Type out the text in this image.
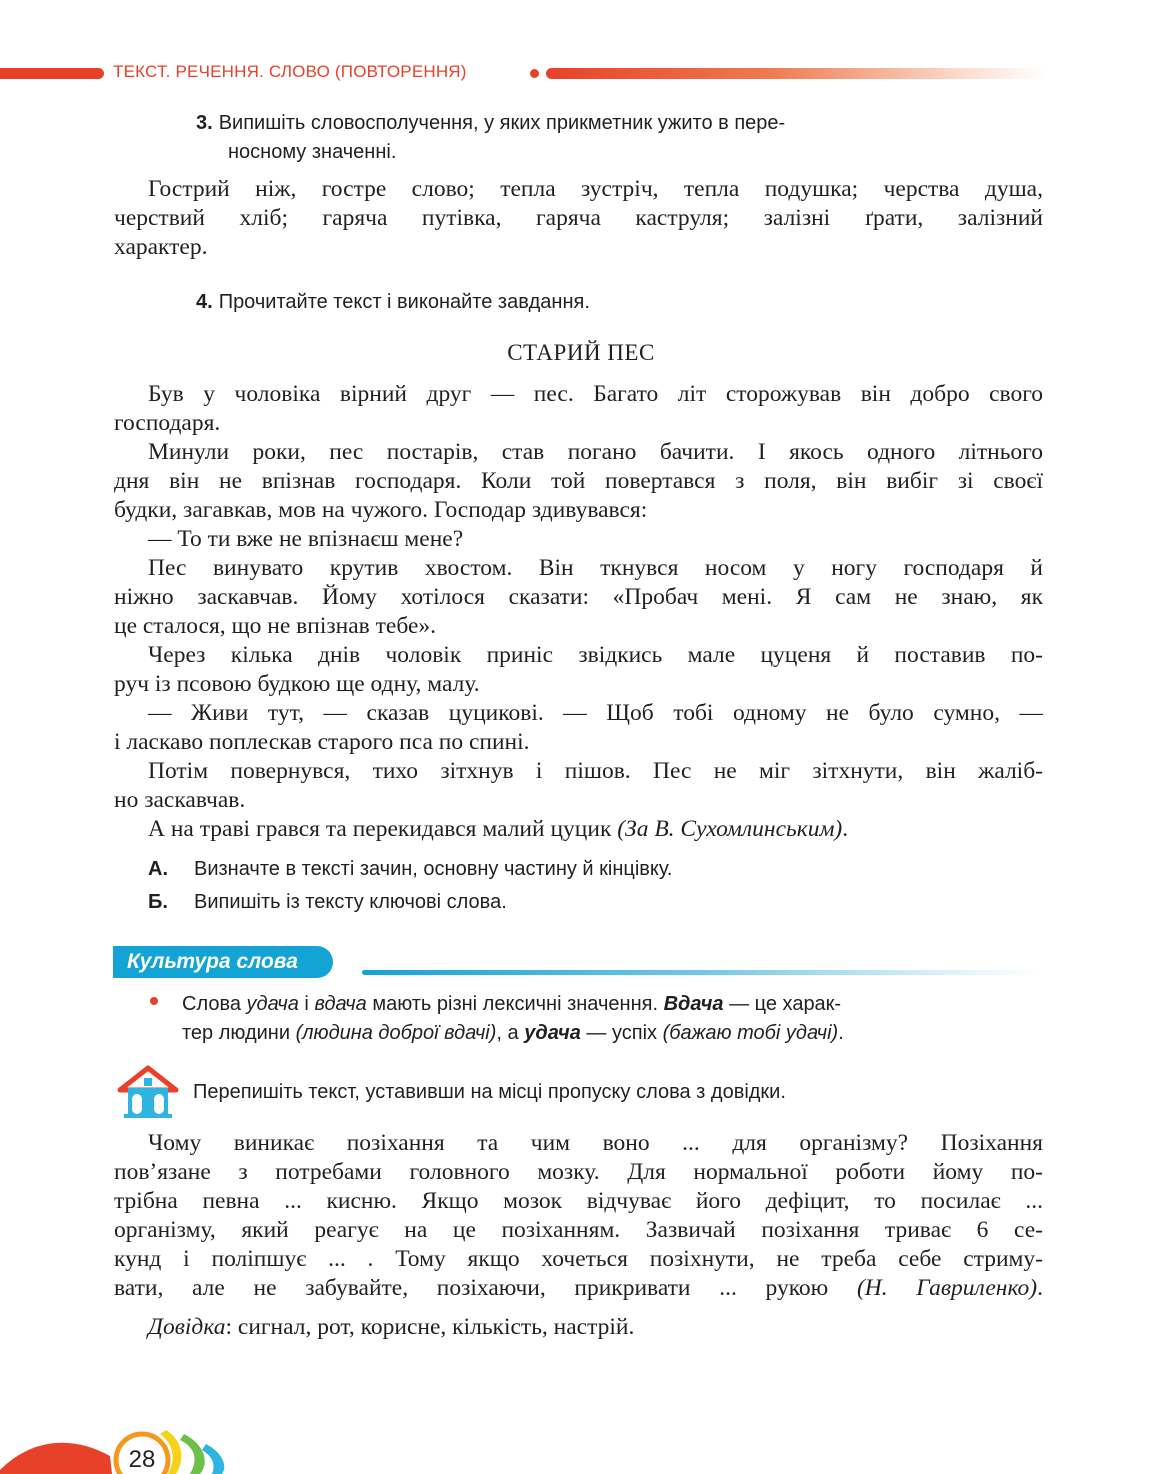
ТЕКСТ. РЕЧЕННЯ. СЛОВО (ПОВТОРЕННЯ)
3. Випишіть словосполучення, у яких прикметник ужито в пере-
носному значенні.
Гострий ніж, гостре слово; тепла зустріч, тепла подушка; черства душа,
черствий хліб; гаряча путівка, гаряча каструля; залізні ґрати, залізний
характер.
4. Прочитайте текст і виконайте завдання.
СТАРИЙ ПЕС
Був у чоловіка вірний друг — пес. Багато літ сторожував він добро свого
господаря.
Минули роки, пес постарів, став погано бачити. І якось одного літнього
дня він не впізнав господаря. Коли той повертався з поля, він вибіг зі своєї
будки, загавкав, мов на чужого. Господар здивувався:
— То ти вже не впізнаєш мене?
Пес винувато крутив хвостом. Він ткнувся носом у ногу господаря й
ніжно заскавчав. Йому хотілося сказати: «Пробач мені. Я сам не знаю, як
це сталося, що не впізнав тебе».
Через кілька днів чоловік приніс звідкись мале цуценя й поставив по-
руч із псовою будкою ще одну, малу.
— Живи тут, — сказав цуцикові. — Щоб тобі одному не було сумно, —
і ласкаво поплескав старого пса по спині.
Потім повернувся, тихо зітхнув і пішов. Пес не міг зітхнути, він жаліб-
но заскавчав.
А на траві грався та перекидався малий цуцик (За В. Сухомлинським).
А. Визначте в тексті зачин, основну частину й кінцівку.
Б. Випишіть із тексту ключові слова.
Культура слова
Слова удача і вдача мають різні лексичні значення. Вдача — це харак-
тер людини (людина доброї вдачі), а удача — успіх (бажаю тобі удачі).
Перепишіть текст, уставивши на місці пропуску слова з довідки.
Чому виникає позіхання та чим воно ... для організму? Позіхання
пов’язане з потребами головного мозку. Для нормальної роботи йому по-
трібна певна ... кисню. Якщо мозок відчуває його дефіцит, то посилає ...
організму, який реагує на це позіханням. Зазвичай позіхання триває 6 се-
кунд і поліпшує ... . Тому якщо хочеться позіхнути, не треба себе стриму-
вати, але не забувайте, позіхаючи, прикривати ... рукою (Н. Гавриленко).
Довідка: сигнал, рот, корисне, кількість, настрій.
28
